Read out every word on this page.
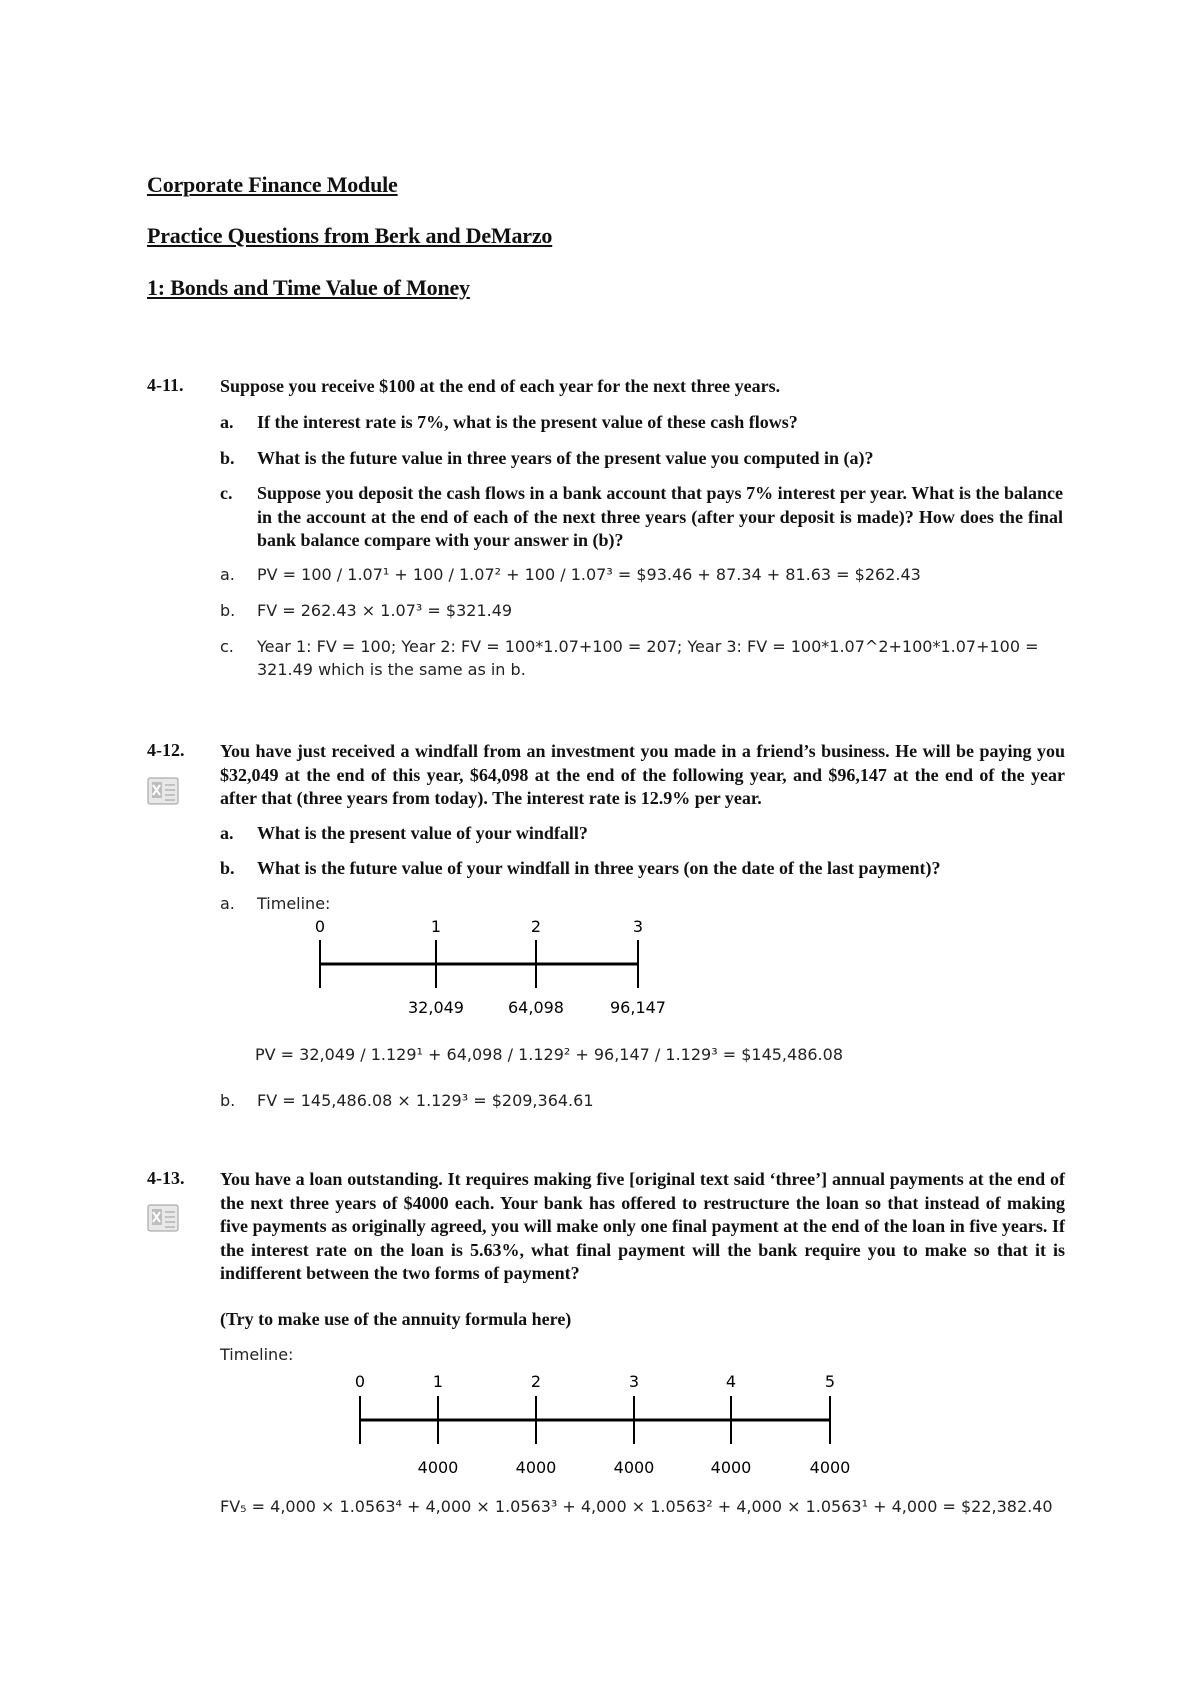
Corporate Finance Module
Practice Questions from Berk and DeMarzo
1: Bonds and Time Value of Money
4-11. Suppose you receive $100 at the end of each year for the next three years.
a. If the interest rate is 7%, what is the present value of these cash flows?
b. What is the future value in three years of the present value you computed in (a)?
c. Suppose you deposit the cash flows in a bank account that pays 7% interest per year. What is the balance in the account at the end of each of the next three years (after your deposit is made)? How does the final bank balance compare with your answer in (b)?
a. PV = 100 / 1.07¹ + 100 / 1.07² + 100 / 1.07³ = $93.46 + 87.34 + 81.63 = $262.43
b. FV = 262.43 × 1.07³ = $321.49
c. Year 1: FV = 100; Year 2: FV = 100*1.07+100 = 207; Year 3: FV = 100*1.07^2+100*1.07+100 = 321.49 which is the same as in b.
4-12. You have just received a windfall from an investment you made in a friend’s business. He will be paying you $32,049 at the end of this year, $64,098 at the end of the following year, and $96,147 at the end of the year after that (three years from today). The interest rate is 12.9% per year.
a. What is the present value of your windfall?
b. What is the future value of your windfall in three years (on the date of the last payment)?
a. Timeline:
0	1
32,049
2
64,098
3
96,147
PV = 32,049 / 1.129¹ + 64,098 / 1.129² + 96,147 / 1.129³ = $145,486.08
b. FV = 145,486.08 × 1.129³ = $209,364.61
4-13. You have a loan outstanding. It requires making five [original text said ‘three’] annual payments at the end of the next three years of $4000 each. Your bank has offered to restructure the loan so that instead of making five payments as originally agreed, you will make only one final payment at the end of the loan in five years. If the interest rate on the loan is 5.63%, what final payment will the bank require you to make so that it is indifferent between the two forms of payment?
(Try to make use of the annuity formula here)
Timeline:
0	1
4000
2
4000
3
4000
4
4000
5
4000
FV₅ = 4,000 × 1.0563⁴ + 4,000 × 1.0563³ + 4,000 × 1.0563² + 4,000 × 1.0563¹ + 4,000 = $22,382.40
